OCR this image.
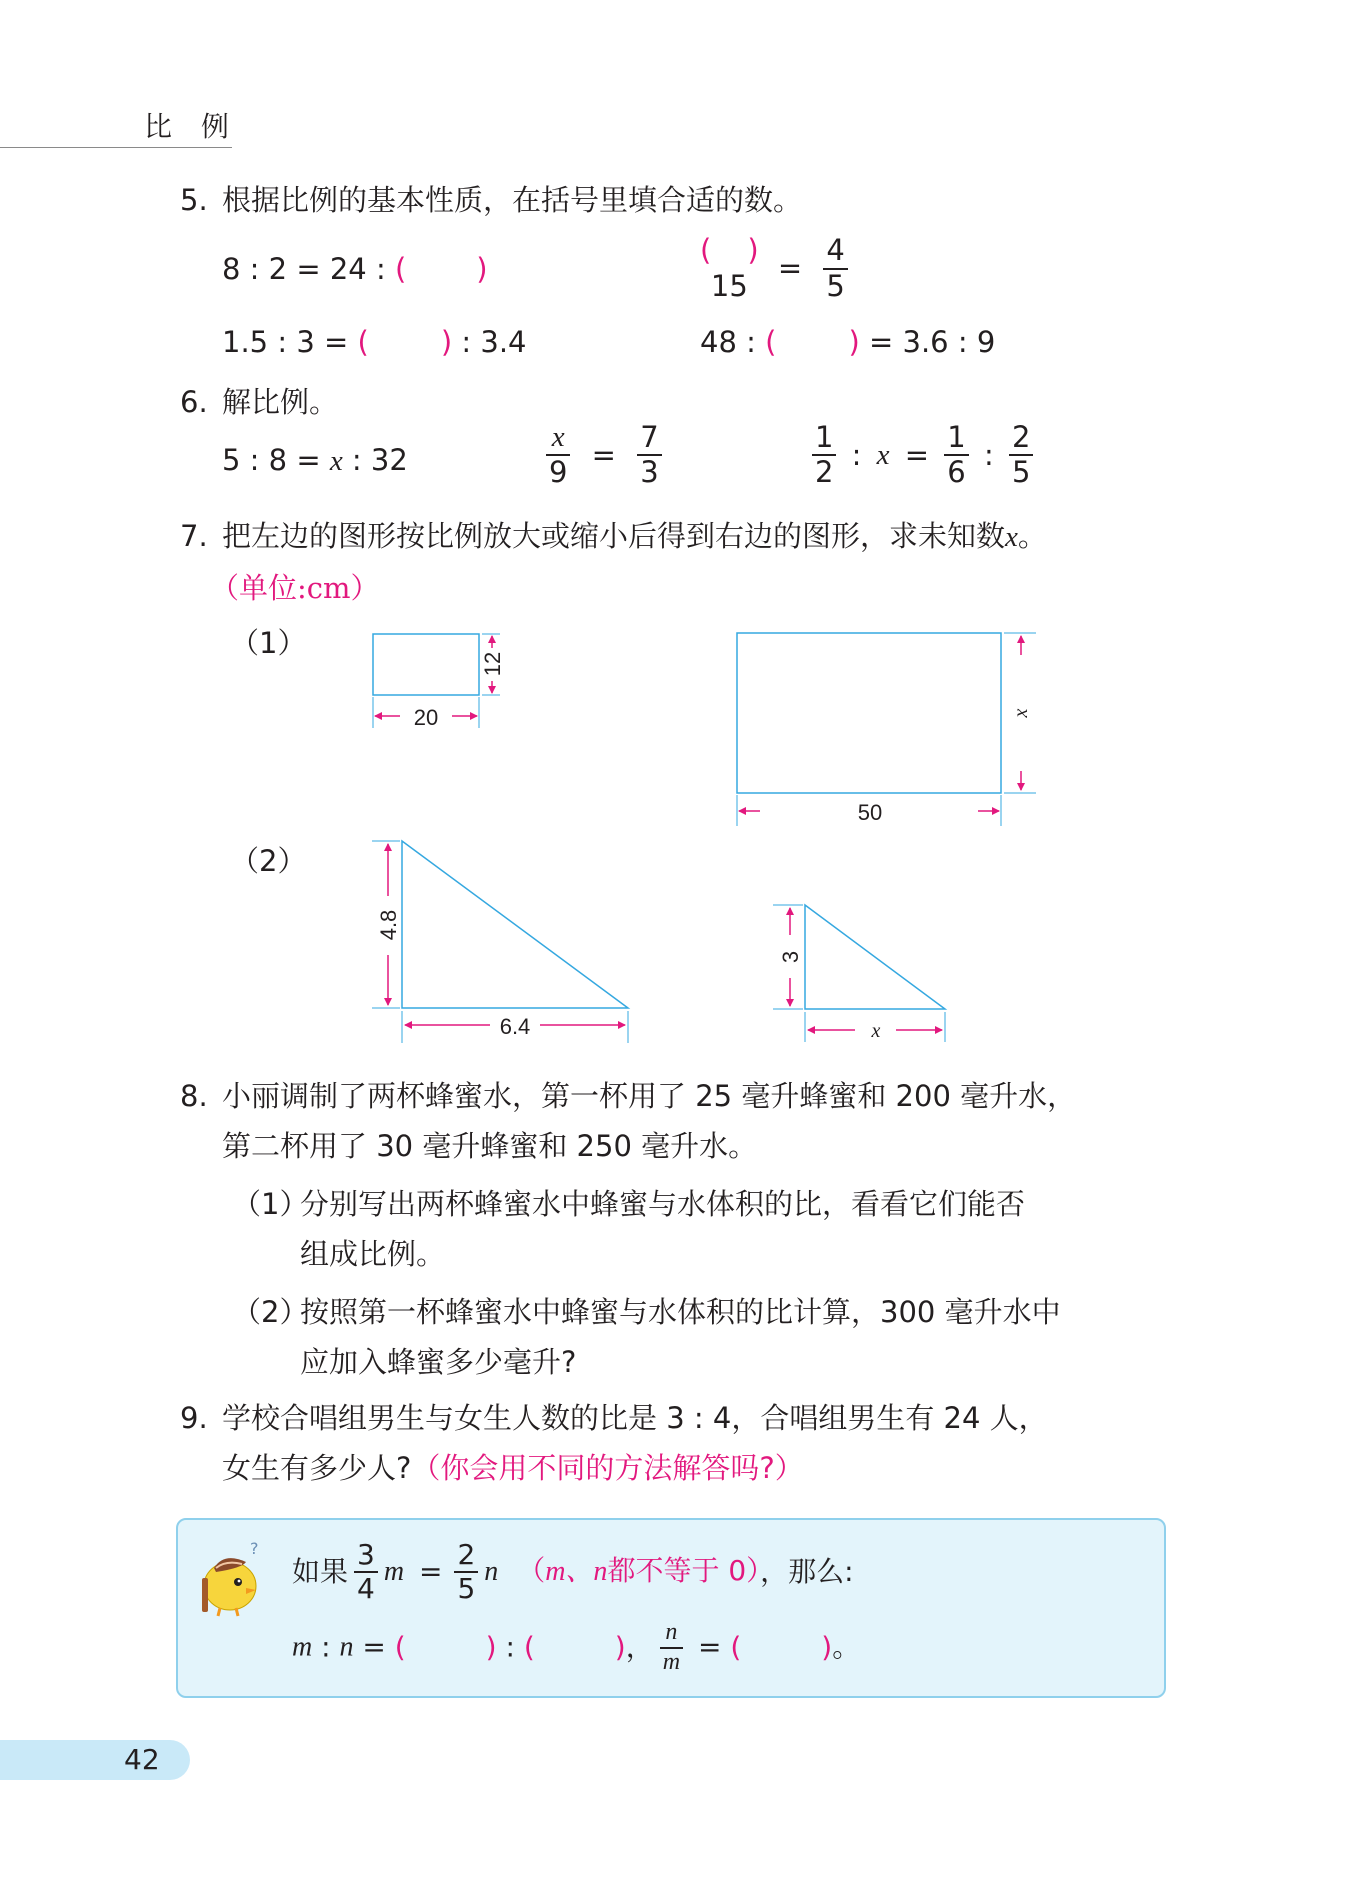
比 例
5. 根据比例的基本性质，在括号里填合适的数。
8 : 2 = 24 : ( )
( )
15
= $\frac{4}{5}$
1.5 : 3 = ( ) : 3.4	48 : ( ) = 3.6 : 9
6. 解比例。
5 : 8 = x : 32	$\frac{x}{9} = \frac{7}{3}$	$\frac{1}{2}$ : $x = \frac{1}{6}$ : $\frac{2}{5}$
7. 把左边的图形按比例放大或缩小后得到右边的图形，求未知数x。
（单位:cm）
（1）
（2）
20
12
50
x
4.8
6.4
3
x
8. 小丽调制了两杯蜂蜜水，第一杯用了 25 毫升蜂蜜和 200 毫升水，
第二杯用了 30 毫升蜂蜜和 250 毫升水。
（1）
分别写出两杯蜂蜜水中蜂蜜与水体积的比，看看它们能否
组成比例。
（2）
按照第一杯蜂蜜水中蜂蜜与水体积的比计算，300 毫升水中
应加入蜂蜜多少毫升?
9. 学校合唱组男生与女生人数的比是 3 : 4，合唱组男生有 24 人，
女生有多少人?（你会用不同的方法解答吗?）
?
如果 $\frac{3}{4}$ $m = \frac{2}{5}$ n （m、n都不等于 0），那么:
m : n = (	) : (	)， $\frac{n}{m}$ = (	)。
42
